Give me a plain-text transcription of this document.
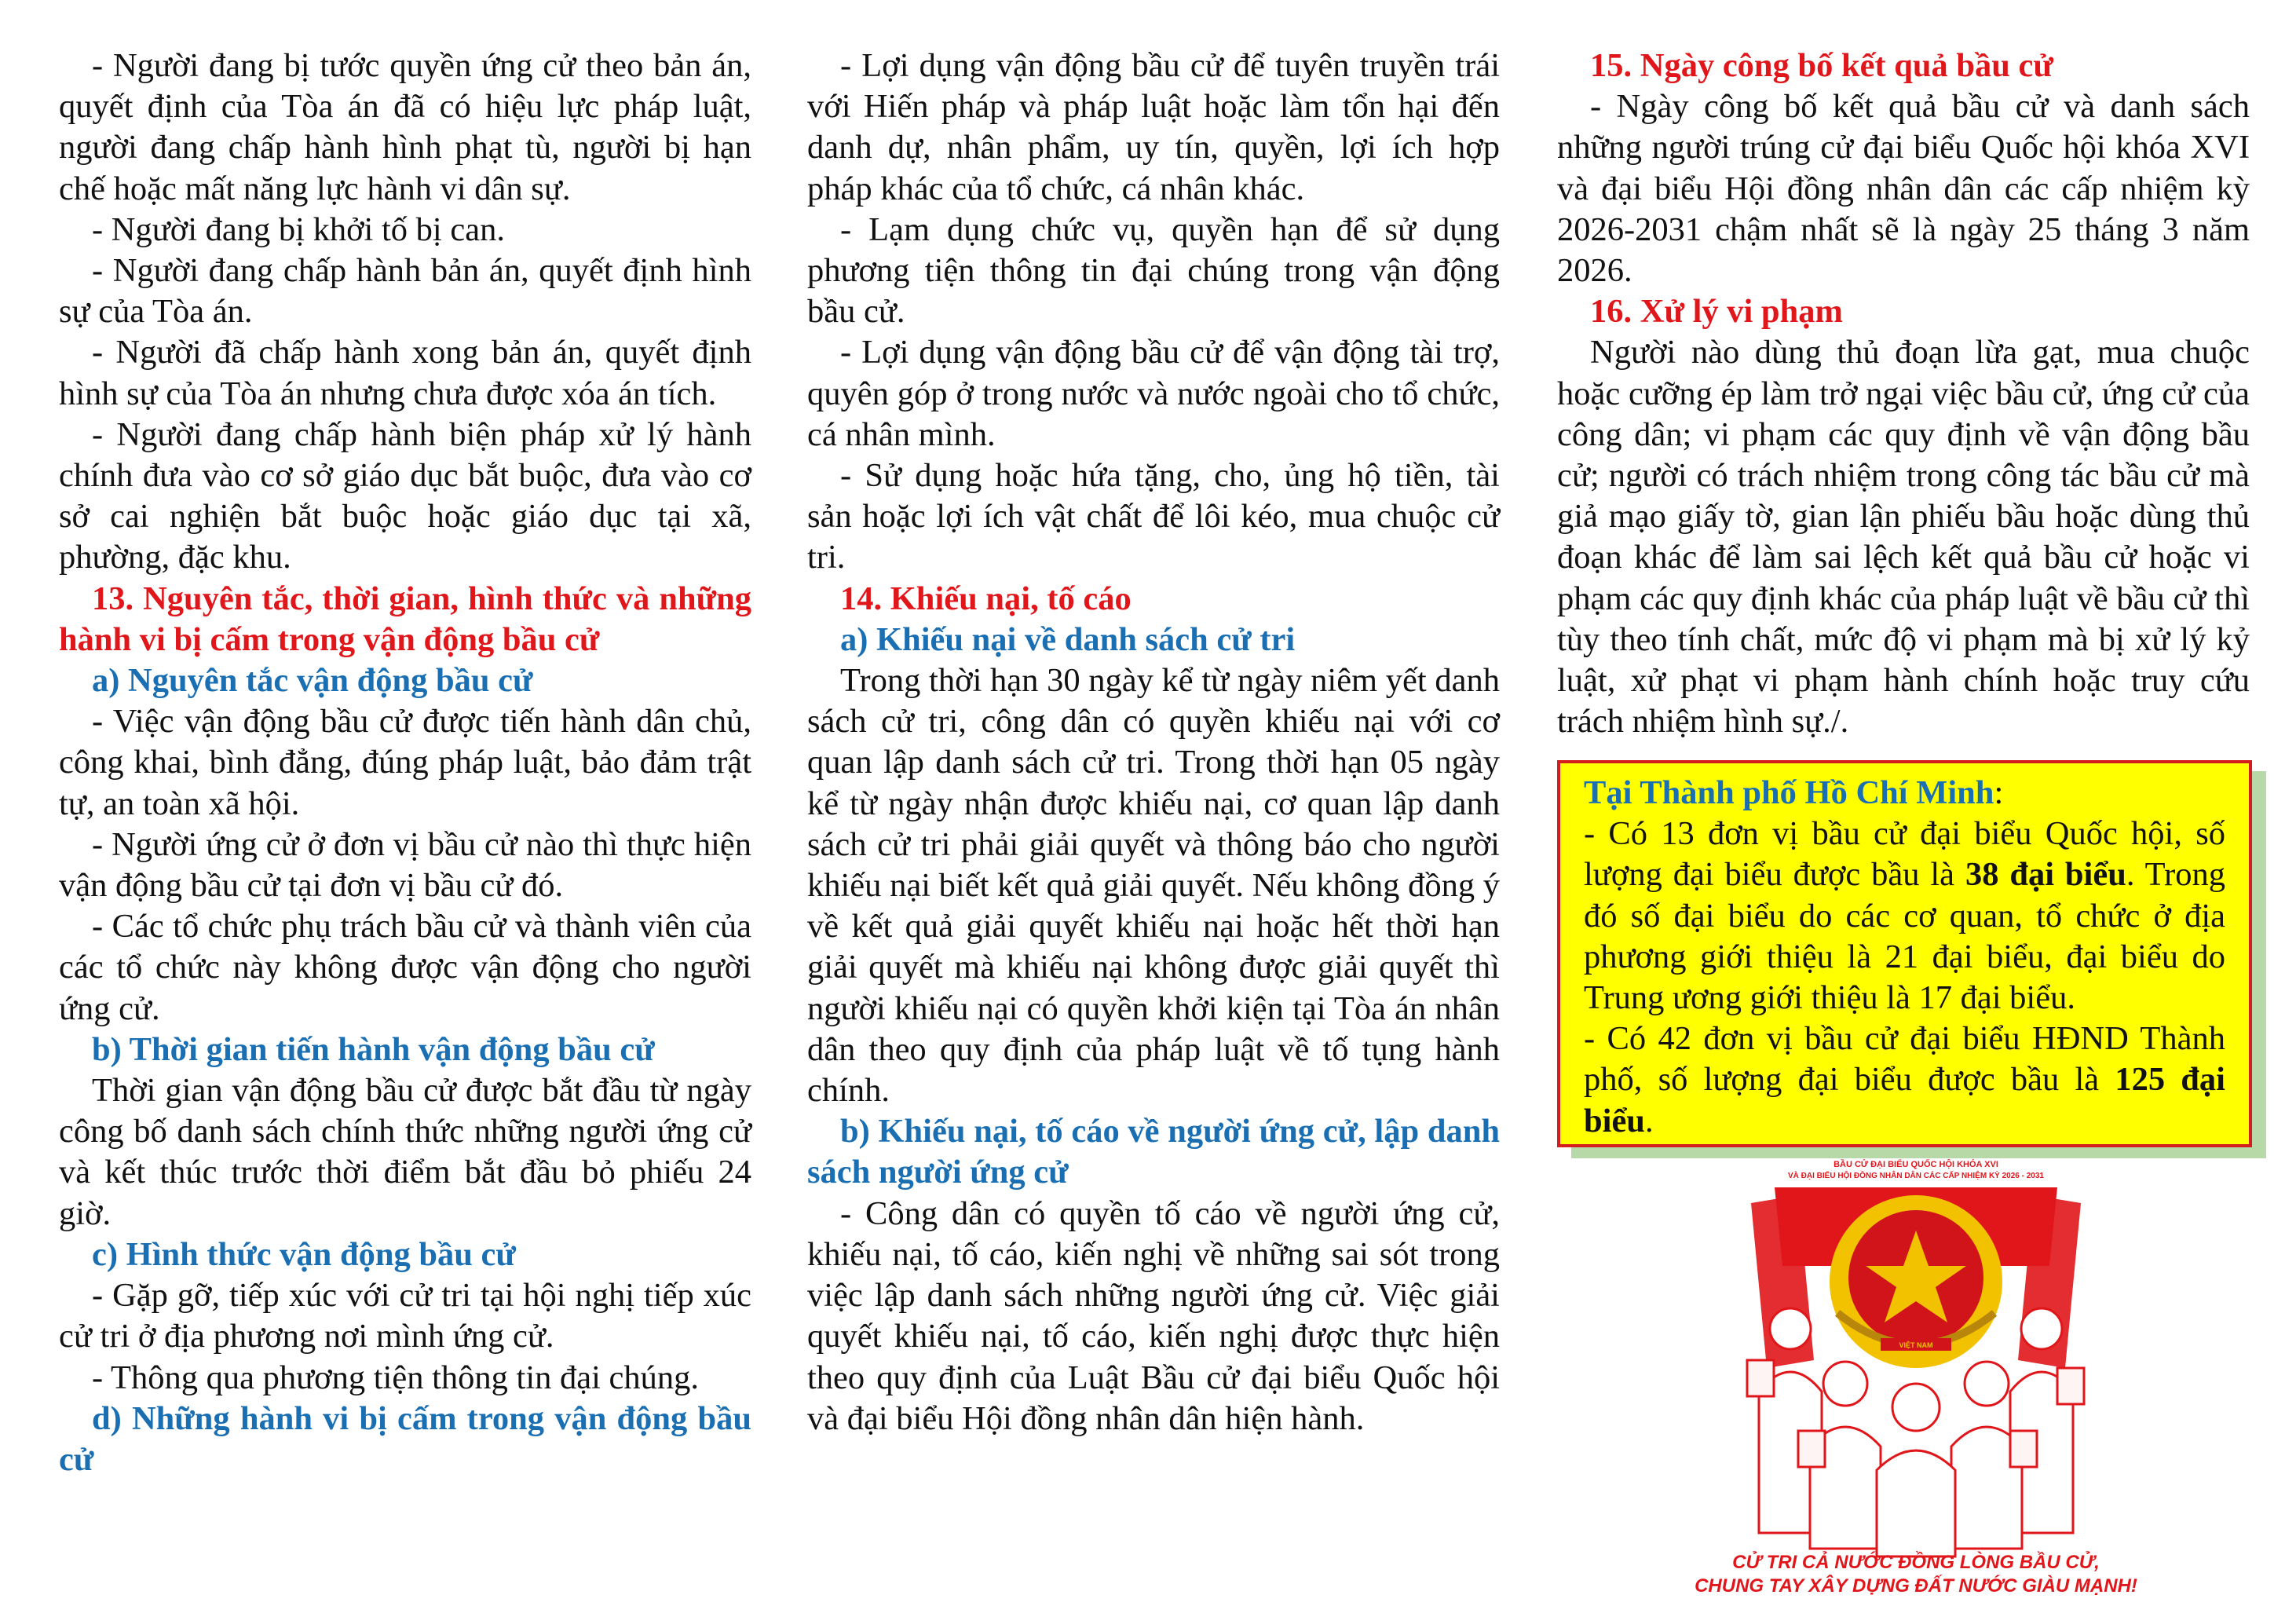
- Người đang bị tước quyền ứng cử theo bản án, quyết định của Tòa án đã có hiệu lực pháp luật, người đang chấp hành hình phạt tù, người bị hạn chế hoặc mất năng lực hành vi dân sự.

- Người đang bị khởi tố bị can.

- Người đang chấp hành bản án, quyết định hình sự của Tòa án.

- Người đã chấp hành xong bản án, quyết định hình sự của Tòa án nhưng chưa được xóa án tích.

- Người đang chấp hành biện pháp xử lý hành chính đưa vào cơ sở giáo dục bắt buộc, đưa vào cơ sở cai nghiện bắt buộc hoặc giáo dục tại xã, phường, đặc khu.

13. Nguyên tắc, thời gian, hình thức và những hành vi bị cấm trong vận động bầu cử

a) Nguyên tắc vận động bầu cử

- Việc vận động bầu cử được tiến hành dân chủ, công khai, bình đẳng, đúng pháp luật, bảo đảm trật tự, an toàn xã hội.

- Người ứng cử ở đơn vị bầu cử nào thì thực hiện vận động bầu cử tại đơn vị bầu cử đó.

- Các tổ chức phụ trách bầu cử và thành viên của các tổ chức này không được vận động cho người ứng cử.

b) Thời gian tiến hành vận động bầu cử

Thời gian vận động bầu cử được bắt đầu từ ngày công bố danh sách chính thức những người ứng cử và kết thúc trước thời điểm bắt đầu bỏ phiếu 24 giờ.

c) Hình thức vận động bầu cử

- Gặp gỡ, tiếp xúc với cử tri tại hội nghị tiếp xúc cử tri ở địa phương nơi mình ứng cử.

- Thông qua phương tiện thông tin đại chúng.

d) Những hành vi bị cấm trong vận động bầu cử

- Lợi dụng vận động bầu cử để tuyên truyền trái với Hiến pháp và pháp luật hoặc làm tổn hại đến danh dự, nhân phẩm, uy tín, quyền, lợi ích hợp pháp khác của tổ chức, cá nhân khác.

- Lạm dụng chức vụ, quyền hạn để sử dụng phương tiện thông tin đại chúng trong vận động bầu cử.

- Lợi dụng vận động bầu cử để vận động tài trợ, quyên góp ở trong nước và nước ngoài cho tổ chức, cá nhân mình.

- Sử dụng hoặc hứa tặng, cho, ủng hộ tiền, tài sản hoặc lợi ích vật chất để lôi kéo, mua chuộc cử tri.

14. Khiếu nại, tố cáo

a) Khiếu nại về danh sách cử tri

Trong thời hạn 30 ngày kể từ ngày niêm yết danh sách cử tri, công dân có quyền khiếu nại với cơ quan lập danh sách cử tri. Trong thời hạn 05 ngày kể từ ngày nhận được khiếu nại, cơ quan lập danh sách cử tri phải giải quyết và thông báo cho người khiếu nại biết kết quả giải quyết. Nếu không đồng ý về kết quả giải quyết khiếu nại hoặc hết thời hạn giải quyết mà khiếu nại không được giải quyết thì người khiếu nại có quyền khởi kiện tại Tòa án nhân dân theo quy định của pháp luật về tố tụng hành chính.

b) Khiếu nại, tố cáo về người ứng cử, lập danh sách người ứng cử

- Công dân có quyền tố cáo về người ứng cử, khiếu nại, tố cáo, kiến nghị về những sai sót trong việc lập danh sách những người ứng cử. Việc giải quyết khiếu nại, tố cáo, kiến nghị được thực hiện theo quy định của Luật Bầu cử đại biểu Quốc hội và đại biểu Hội đồng nhân dân hiện hành.

15. Ngày công bố kết quả bầu cử

- Ngày công bố kết quả bầu cử và danh sách những người trúng cử đại biểu Quốc hội khóa XVI và đại biểu Hội đồng nhân dân các cấp nhiệm kỳ 2026-2031 chậm nhất sẽ là ngày 25 tháng 3 năm 2026.

16. Xử lý vi phạm

Người nào dùng thủ đoạn lừa gạt, mua chuộc hoặc cưỡng ép làm trở ngại việc bầu cử, ứng cử của công dân; vi phạm các quy định về vận động bầu cử; người có trách nhiệm trong công tác bầu cử mà giả mạo giấy tờ, gian lận phiếu bầu hoặc dùng thủ đoạn khác để làm sai lệch kết quả bầu cử hoặc vi phạm các quy định khác của pháp luật về bầu cử thì tùy theo tính chất, mức độ vi phạm mà bị xử lý kỷ luật, xử phạt vi phạm hành chính hoặc truy cứu trách nhiệm hình sự./.

Tại Thành phố Hồ Chí Minh:

- Có 13 đơn vị bầu cử đại biểu Quốc hội, số lượng đại biểu được bầu là 38 đại biểu. Trong đó số đại biểu do các cơ quan, tổ chức ở địa phương giới thiệu là 21 đại biểu, đại biểu do Trung ương giới thiệu là 17 đại biểu.

- Có 42 đơn vị bầu cử đại biểu HĐND Thành phố, số lượng đại biểu được bầu là 125 đại biểu.

BẦU CỬ ĐẠI BIỂU QUỐC HỘI KHÓA XVI
VÀ ĐẠI BIỂU HỘI ĐỒNG NHÂN DÂN CÁC CẤP NHIỆM KỲ 2026 - 2031
VIỆT NAM
CỬ TRI CẢ NƯỚC ĐỒNG LÒNG BẦU CỬ,
CHUNG TAY XÂY DỰNG ĐẤT NƯỚC GIÀU MẠNH!
